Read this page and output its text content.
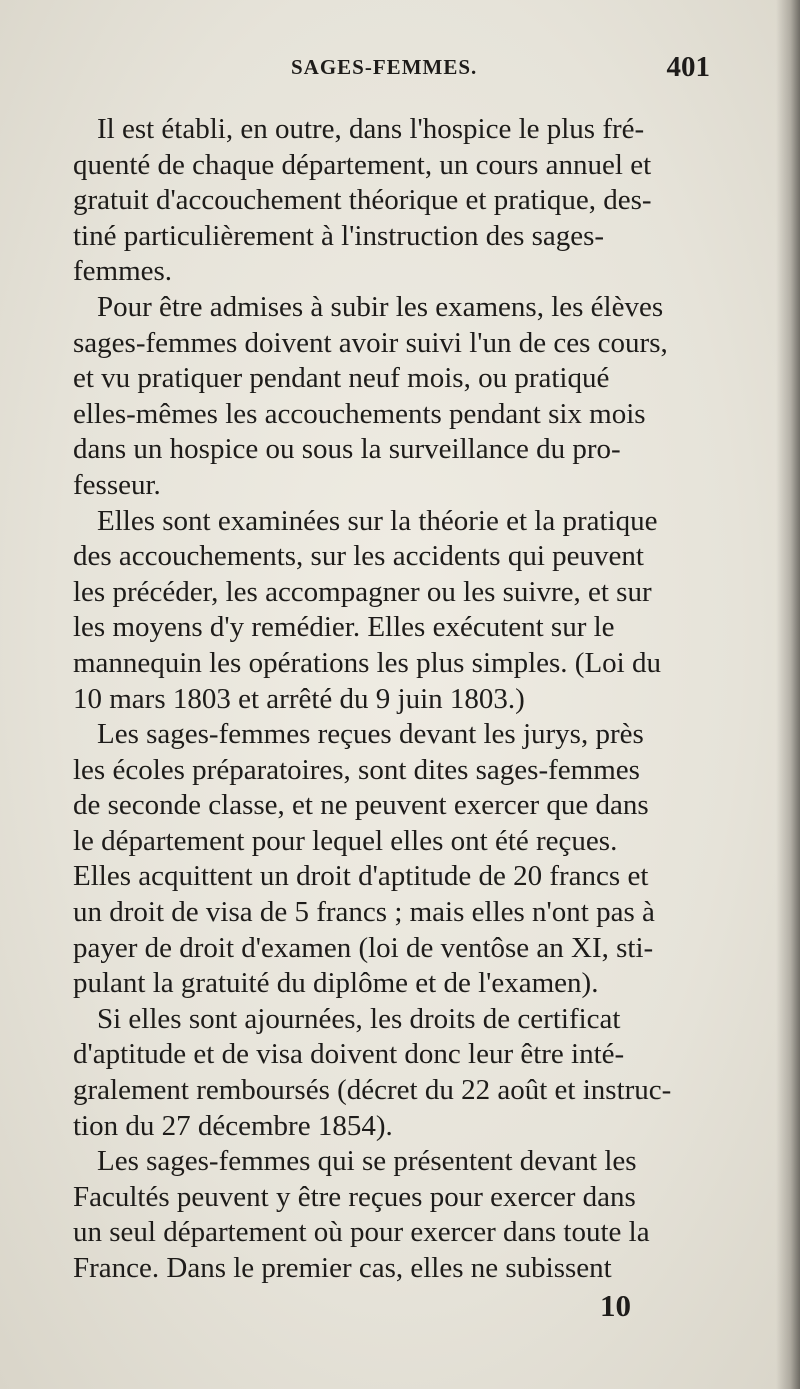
SAGES-FEMMES.	401

Il est établi, en outre, dans l'hospice le plus fré-
quenté de chaque département, un cours annuel et
gratuit d'accouchement théorique et pratique, des-
tiné particulièrement à l'instruction des sages-
femmes.

Pour être admises à subir les examens, les élèves
sages-femmes doivent avoir suivi l'un de ces cours,
et vu pratiquer pendant neuf mois, ou pratiqué
elles-mêmes les accouchements pendant six mois
dans un hospice ou sous la surveillance du pro-
fesseur.

Elles sont examinées sur la théorie et la pratique
des accouchements, sur les accidents qui peuvent
les précéder, les accompagner ou les suivre, et sur
les moyens d'y remédier. Elles exécutent sur le
mannequin les opérations les plus simples. (Loi du
10 mars 1803 et arrêté du 9 juin 1803.)

Les sages-femmes reçues devant les jurys, près
les écoles préparatoires, sont dites sages-femmes
de seconde classe, et ne peuvent exercer que dans
le département pour lequel elles ont été reçues.
Elles acquittent un droit d'aptitude de 20 francs et
un droit de visa de 5 francs ; mais elles n'ont pas à
payer de droit d'examen (loi de ventôse an XI, sti-
pulant la gratuité du diplôme et de l'examen).

Si elles sont ajournées, les droits de certificat
d'aptitude et de visa doivent donc leur être inté-
gralement remboursés (décret du 22 août et instruc-
tion du 27 décembre 1854).

Les sages-femmes qui se présentent devant les
Facultés peuvent y être reçues pour exercer dans
un seul département où pour exercer dans toute la
France. Dans le premier cas, elles ne subissent

10
